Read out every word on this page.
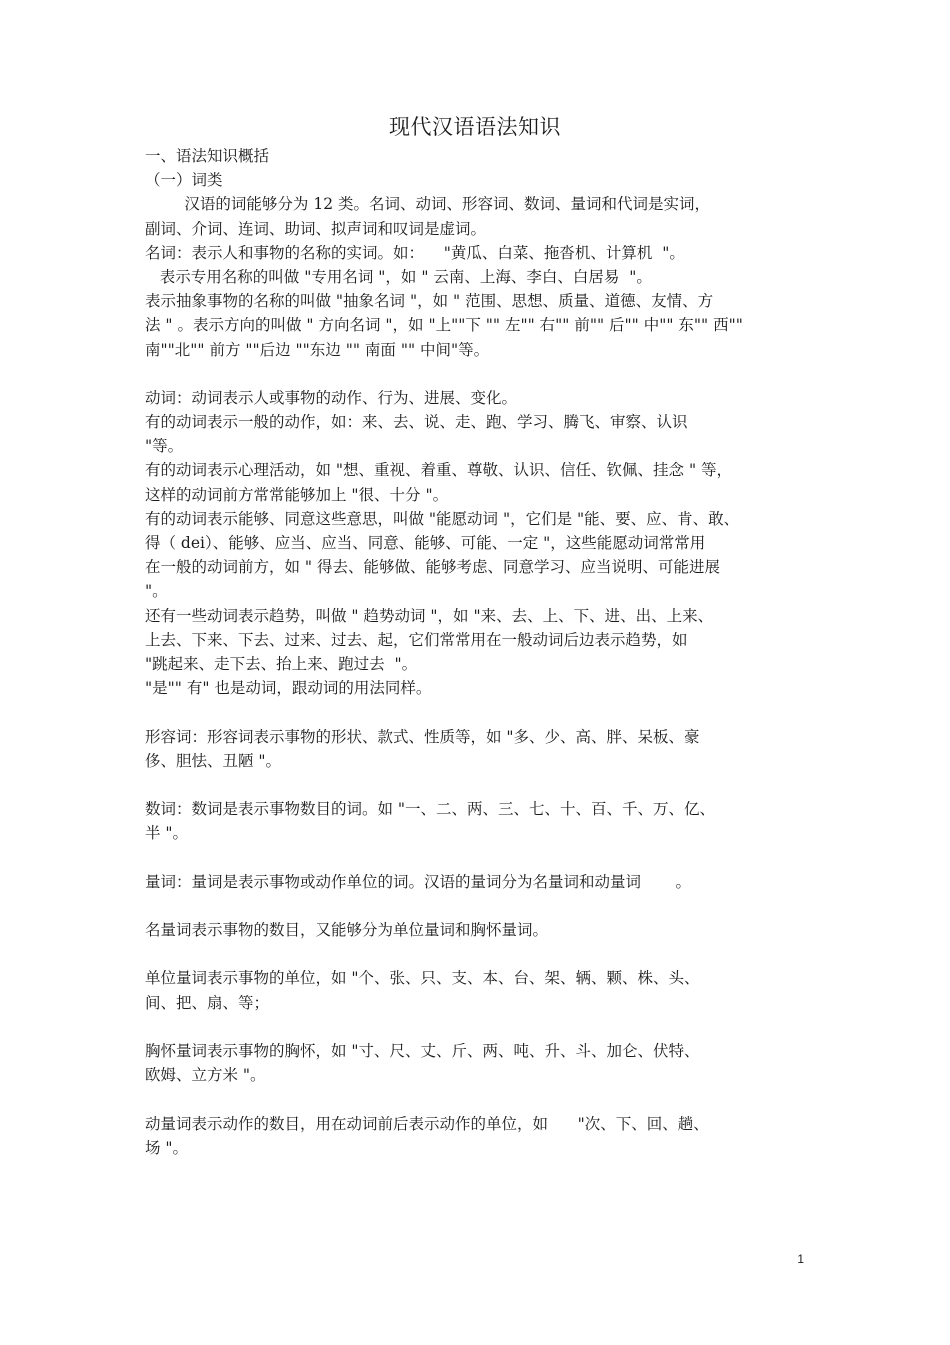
现代汉语语法知识
一、语法知识概括
（一）词类
汉语的词能够分为 12 类。名词、动词、形容词、数词、量词和代词是实词，
副词、介词、连词、助词、拟声词和叹词是虚词。
名词：表示人和事物的名称的实词。如：    "黄瓜、白菜、拖沓机、计算机  "。
表示专用名称的叫做 "专用名词 "，如 " 云南、上海、李白、白居易  "。
表示抽象事物的名称的叫做 "抽象名词 "，如 " 范围、思想、质量、道德、友情、方
法 " 。表示方向的叫做 " 方向名词 "，如 "上""下 "" 左"" 右"" 前"" 后"" 中"" 东"" 西""
南""北"" 前方 ""后边 ""东边 "" 南面 "" 中间"等。
动词：动词表示人或事物的动作、行为、进展、变化。
有的动词表示一般的动作，如：来、去、说、走、跑、学习、腾飞、审察、认识
"等。
有的动词表示心理活动，如 "想、重视、着重、尊敬、认识、信任、钦佩、挂念 " 等，
这样的动词前方常常能够加上 "很、十分 "。
有的动词表示能够、同意这些意思，叫做 "能愿动词 "，它们是 "能、要、应、肯、敢、
得（ dei）、能够、应当、应当、同意、能够、可能、一定 "，这些能愿动词常常用
在一般的动词前方，如 " 得去、能够做、能够考虑、同意学习、应当说明、可能进展
"。
还有一些动词表示趋势，叫做 " 趋势动词 "，如 "来、去、上、下、进、出、上来、
上去、下来、下去、过来、过去、起，它们常常用在一般动词后边表示趋势，如
"跳起来、走下去、抬上来、跑过去  "。
"是"" 有" 也是动词，跟动词的用法同样。
形容词：形容词表示事物的形状、款式、性质等，如 "多、少、高、胖、呆板、豪
侈、胆怯、丑陋 "。
数词：数词是表示事物数目的词。如 "一、二、两、三、七、十、百、千、万、亿、
半 "。
量词：量词是表示事物或动作单位的词。汉语的量词分为名量词和动量词       。
名量词表示事物的数目，又能够分为单位量词和胸怀量词。
单位量词表示事物的单位，如 "个、张、只、支、本、台、架、辆、颗、株、头、
间、把、扇、等；
胸怀量词表示事物的胸怀，如 "寸、尺、丈、斤、两、吨、升、斗、加仑、伏特、
欧姆、立方米 "。
动量词表示动作的数目，用在动词前后表示动作的单位，如      "次、下、回、趟、
场 "。
1
